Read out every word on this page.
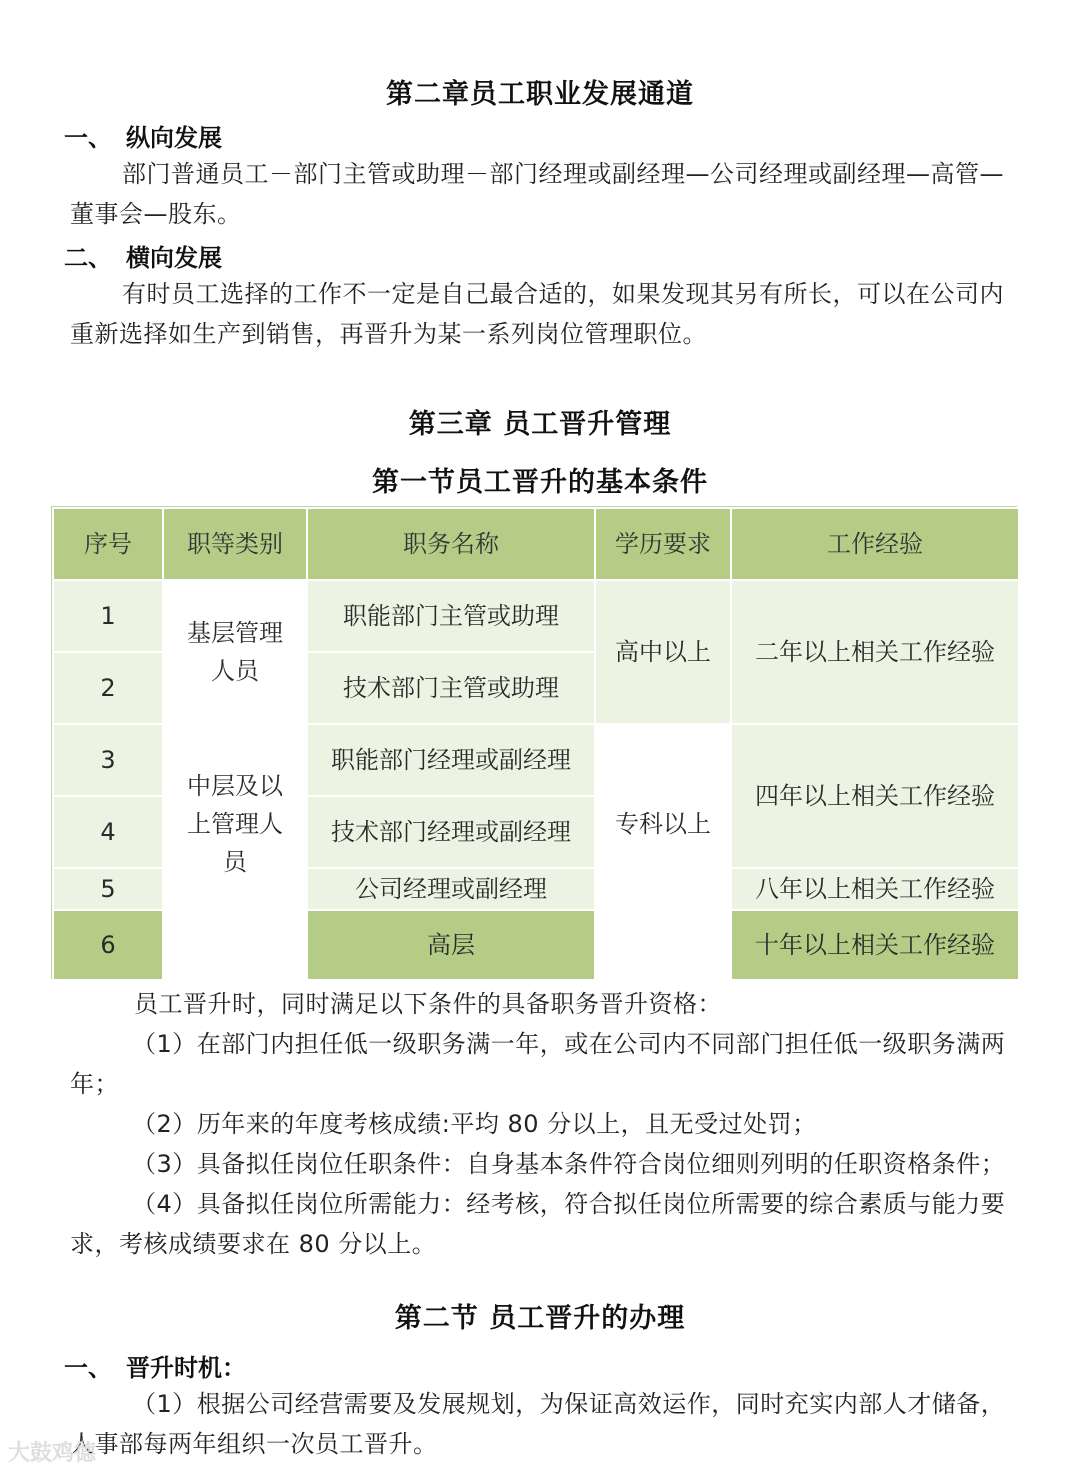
第二章员工职业发展通道
一、 纵向发展
部门普通员工－部门主管或助理－部门经理或副经理—公司经理或副经理—高管—董事会—股东。
二、 横向发展
有时员工选择的工作不一定是自己最合适的，如果发现其另有所长，可以在公司内重新选择如生产到销售，再晋升为某一系列岗位管理职位。
第三章 员工晋升管理
第一节员工晋升的基本条件
序号	职等类别	职务名称	学历要求	工作经验
1	基层管理人员	职能部门主管或助理	高中以上	二年以上相关工作经验
2		技术部门主管或助理		
3	中层及以上管理人员	职能部门经理或副经理	专科以上	四年以上相关工作经验
4		技术部门经理或副经理		
5		公司经理或副经理		八年以上相关工作经验
6		高层		十年以上相关工作经验
员工晋升时，同时满足以下条件的具备职务晋升资格：
（1）在部门内担任低一级职务满一年，或在公司内不同部门担任低一级职务满两年；
（2）历年来的年度考核成绩:平均 80 分以上，且无受过处罚；
（3）具备拟任岗位任职条件：自身基本条件符合岗位细则列明的任职资格条件；
（4）具备拟任岗位所需能力：经考核，符合拟任岗位所需要的综合素质与能力要求，考核成绩要求在 80 分以上。
第二节 员工晋升的办理
一、 晋升时机：
（1）根据公司经营需要及发展规划，为保证高效运作，同时充实内部人才储备，人事部每两年组织一次员工晋升。
大鼓鸡德
